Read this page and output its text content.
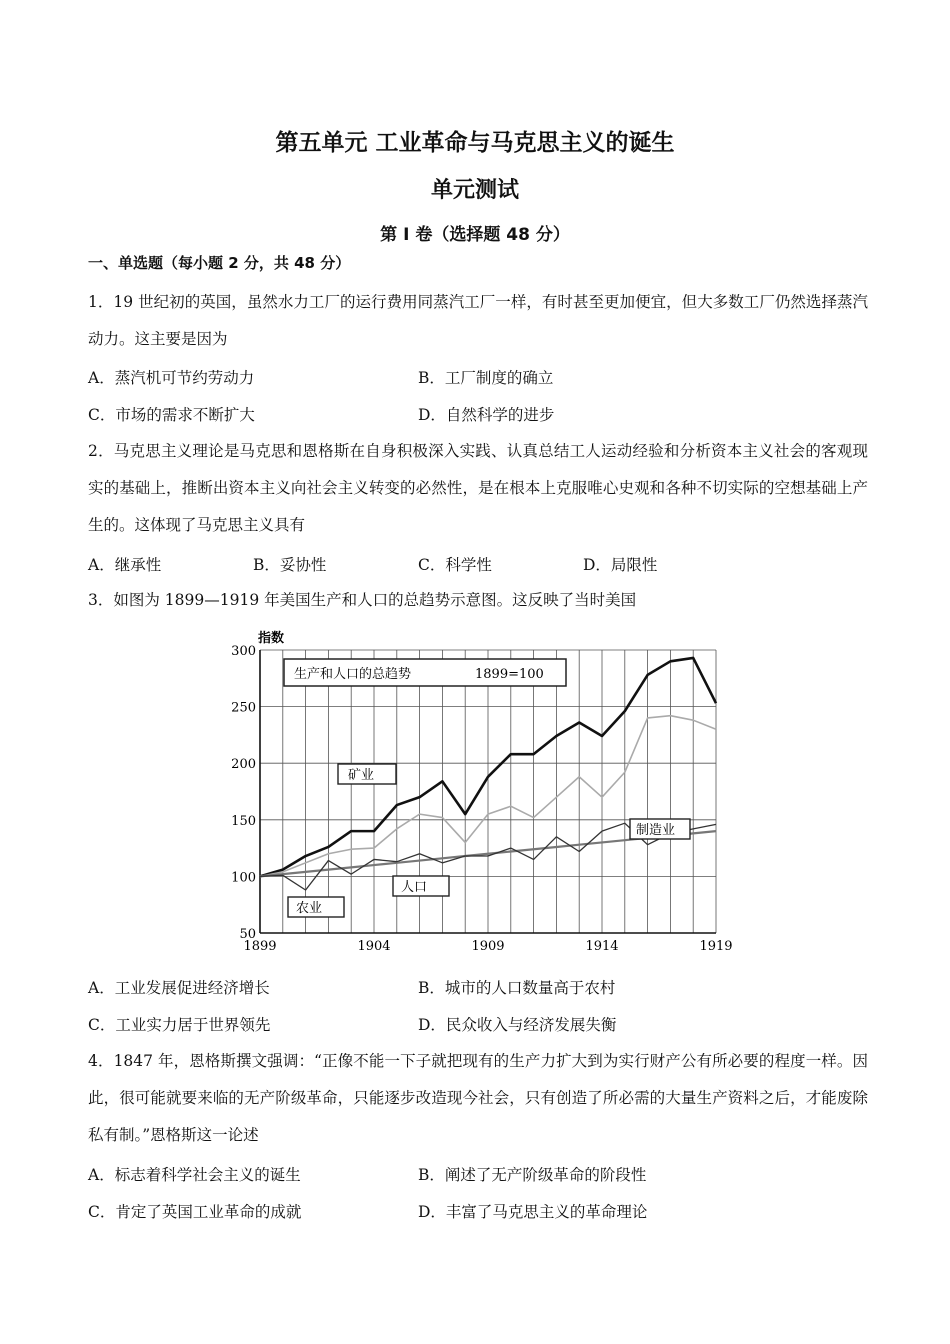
第五单元 工业革命与马克思主义的诞生
单元测试
第 I 卷（选择题 48 分）
一、单选题（每小题 2 分，共 48 分）
1．19 世纪初的英国，虽然水力工厂的运行费用同蒸汽工厂一样，有时甚至更加便宜，但大多数工厂仍然选择蒸汽动力。这主要是因为
A．蒸汽机可节约劳动力	B．工厂制度的确立
C．市场的需求不断扩大	D．自然科学的进步
2．马克思主义理论是马克思和恩格斯在自身积极深入实践、认真总结工人运动经验和分析资本主义社会的客观现实的基础上，推断出资本主义向社会主义转变的必然性，是在根本上克服唯心史观和各种不切实际的空想基础上产生的。这体现了马克思主义具有
A．继承性	B．妥协性	C．科学性	D．局限性
3．如图为 1899—1919 年美国生产和人口的总趋势示意图。这反映了当时美国
50
100
150
200
250
300
1899	1904	1909	1914	1919
指数
生产和人口的总趋势	1899=100
矿业
制造业
人口
农业
A．工业发展促进经济增长	B．城市的人口数量高于农村
C．工业实力居于世界领先	D．民众收入与经济发展失衡
4．1847 年，恩格斯撰文强调：“正像不能一下子就把现有的生产力扩大到为实行财产公有所必要的程度一样。因此，很可能就要来临的无产阶级革命，只能逐步改造现今社会，只有创造了所必需的大量生产资料之后，才能废除私有制。”恩格斯这一论述
A．标志着科学社会主义的诞生	B．阐述了无产阶级革命的阶段性
C．肯定了英国工业革命的成就	D．丰富了马克思主义的革命理论
